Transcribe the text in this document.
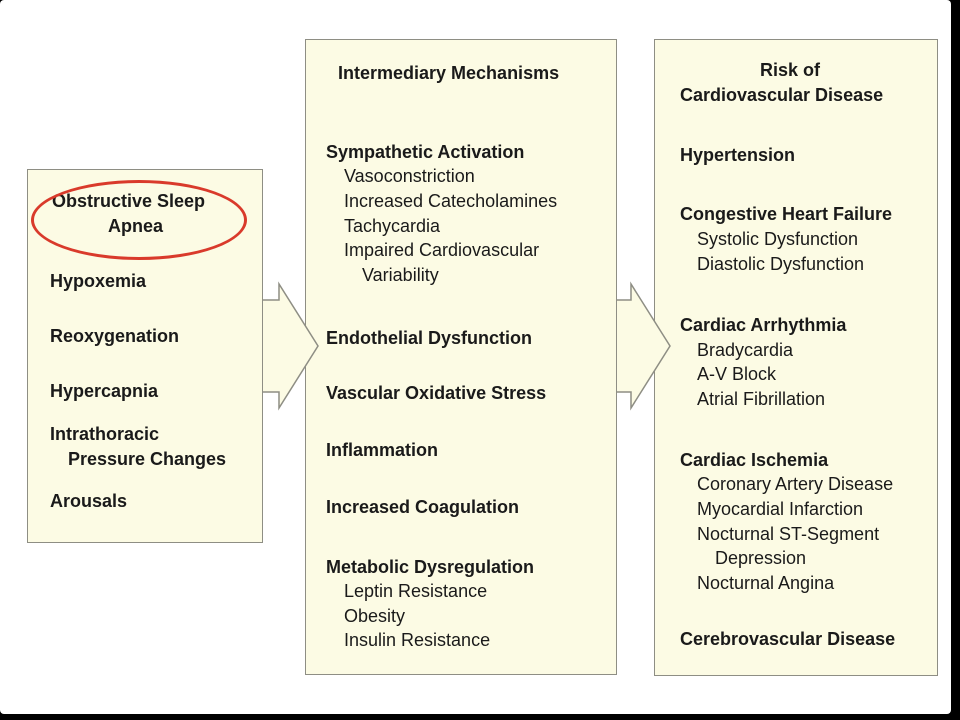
Obstructive Sleep
Apnea
Hypoxemia
Reoxygenation
Hypercapnia
Intrathoracic
Pressure Changes
Arousals
Intermediary Mechanisms
Sympathetic Activation
Vasoconstriction
Increased Catecholamines
Tachycardia
Impaired Cardiovascular
Variability
Endothelial Dysfunction
Vascular Oxidative Stress
Inflammation
Increased Coagulation
Metabolic Dysregulation
Leptin Resistance
Obesity
Insulin Resistance
Risk of
Cardiovascular Disease
Hypertension
Congestive Heart Failure
Systolic Dysfunction
Diastolic Dysfunction
Cardiac Arrhythmia
Bradycardia
A-V Block
Atrial Fibrillation
Cardiac Ischemia
Coronary Artery Disease
Myocardial Infarction
Nocturnal ST-Segment
Depression
Nocturnal Angina
Cerebrovascular Disease
